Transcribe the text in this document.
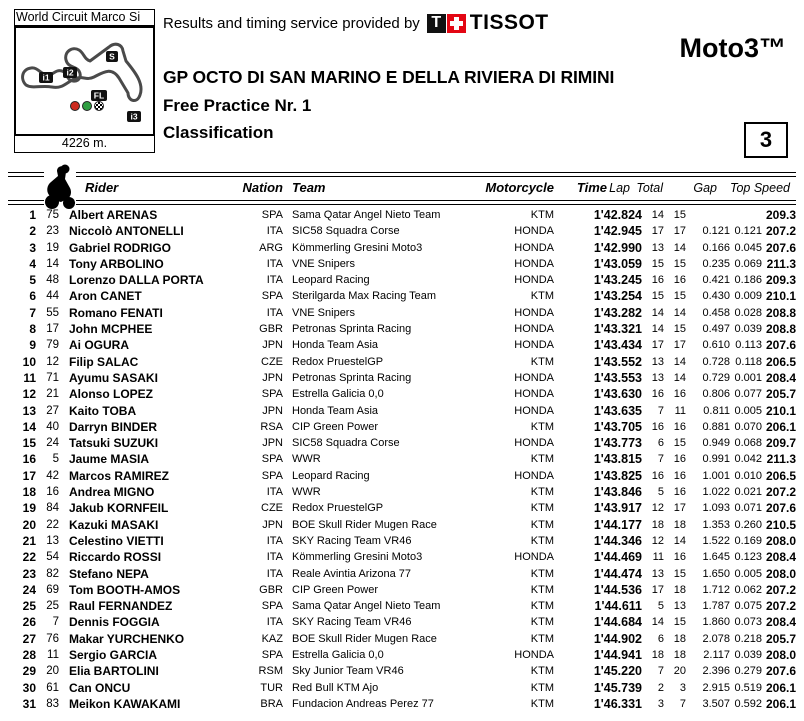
World Circuit Marco Si
S
i1 i2
FL
i3
4226 m.
Results and timing service provided by T TISSOT
Moto3™
GP OCTO DI SAN MARINO E DELLA RIVIERA DI RIMINI
Free Practice Nr. 1
Classification	3
Rider	Nation Team	Motorcycle Time Lap Total Gap Top Speed
1 75 Albert ARENAS	SPA Sama Qatar Angel Nieto Team	KTM	1'42.824 14 15	209.3
2 23 Niccolò ANTONELLI	ITA SIC58 Squadra Corse	HONDA	1'42.945 17 17	0.121 0.121 207.2
3 19 Gabriel RODRIGO	ARG Kömmerling Gresini Moto3	HONDA	1'42.990 13 14	0.166 0.045 207.6
4 14 Tony ARBOLINO	ITA VNE Snipers	HONDA	1'43.059 15 15	0.235 0.069 211.3
5 48 Lorenzo DALLA PORTA	ITA Leopard Racing	HONDA	1'43.245 16 16	0.421 0.186 209.3
6 44 Aron CANET	SPA Sterilgarda Max Racing Team	KTM	1'43.254 15 15	0.430 0.009 210.1
7 55 Romano FENATI	ITA VNE Snipers	HONDA	1'43.282 14 14	0.458 0.028 208.8
8 17 John MCPHEE	GBR Petronas Sprinta Racing	HONDA	1'43.321 14 15	0.497 0.039 208.8
9 79 Ai OGURA	JPN Honda Team Asia	HONDA	1'43.434 17 17	0.610 0.113 207.6
10 12 Filip SALAC	CZE Redox PruestelGP	KTM	1'43.552 13 14	0.728 0.118 206.5
11 71 Ayumu SASAKI	JPN Petronas Sprinta Racing	HONDA	1'43.553 13 14	0.729 0.001 208.4
12 21 Alonso LOPEZ	SPA Estrella Galicia 0,0	HONDA	1'43.630 16 16	0.806 0.077 205.7
13 27 Kaito TOBA	JPN Honda Team Asia	HONDA	1'43.635	7 11	0.811 0.005 210.1
14 40 Darryn BINDER	RSA CIP Green Power	KTM	1'43.705 16 16	0.881 0.070 206.1
15 24 Tatsuki SUZUKI	JPN SIC58 Squadra Corse	HONDA	1'43.773	6 15	0.949 0.068 209.7
16	5 Jaume MASIA	SPA WWR	KTM	1'43.815	7 16	0.991 0.042 211.3
17 42 Marcos RAMIREZ	SPA Leopard Racing	HONDA	1'43.825 16 16	1.001 0.010 206.5
18 16 Andrea MIGNO	ITA WWR	KTM	1'43.846	5 16	1.022 0.021 207.2
19 84 Jakub KORNFEIL	CZE Redox PruestelGP	KTM	1'43.917 12 17	1.093 0.071 207.6
20 22 Kazuki MASAKI	JPN BOE Skull Rider Mugen Race	KTM	1'44.177 18 18	1.353 0.260 210.5
21 13 Celestino VIETTI	ITA SKY Racing Team VR46	KTM	1'44.346 12 14	1.522 0.169 208.0
22 54 Riccardo ROSSI	ITA Kömmerling Gresini Moto3	HONDA	1'44.469 11 16	1.645 0.123 208.4
23 82 Stefano NEPA	ITA Reale Avintia Arizona 77	KTM	1'44.474 13 15	1.650 0.005 208.0
24 69 Tom BOOTH-AMOS	GBR CIP Green Power	KTM	1'44.536 17 18	1.712 0.062 207.2
25 25 Raul FERNANDEZ	SPA Sama Qatar Angel Nieto Team	KTM	1'44.611	5 13	1.787 0.075 207.2
26	7 Dennis FOGGIA	ITA SKY Racing Team VR46	KTM	1'44.684 14 15	1.860 0.073 208.4
27 76 Makar YURCHENKO	KAZ BOE Skull Rider Mugen Race	KTM	1'44.902	6 18	2.078 0.218 205.7
28 11 Sergio GARCIA	SPA Estrella Galicia 0,0	HONDA	1'44.941 18 18	2.117 0.039 208.0
29 20 Elia BARTOLINI	RSM Sky Junior Team VR46	KTM	1'45.220	7 20	2.396 0.279 207.6
30 61 Can ONCU	TUR Red Bull KTM Ajo	KTM	1'45.739	2	3	2.915 0.519 206.1
31 83 Meikon KAWAKAMI	BRA Fundacion Andreas Perez 77	KTM	1'46.331	3	7	3.507 0.592 206.1
